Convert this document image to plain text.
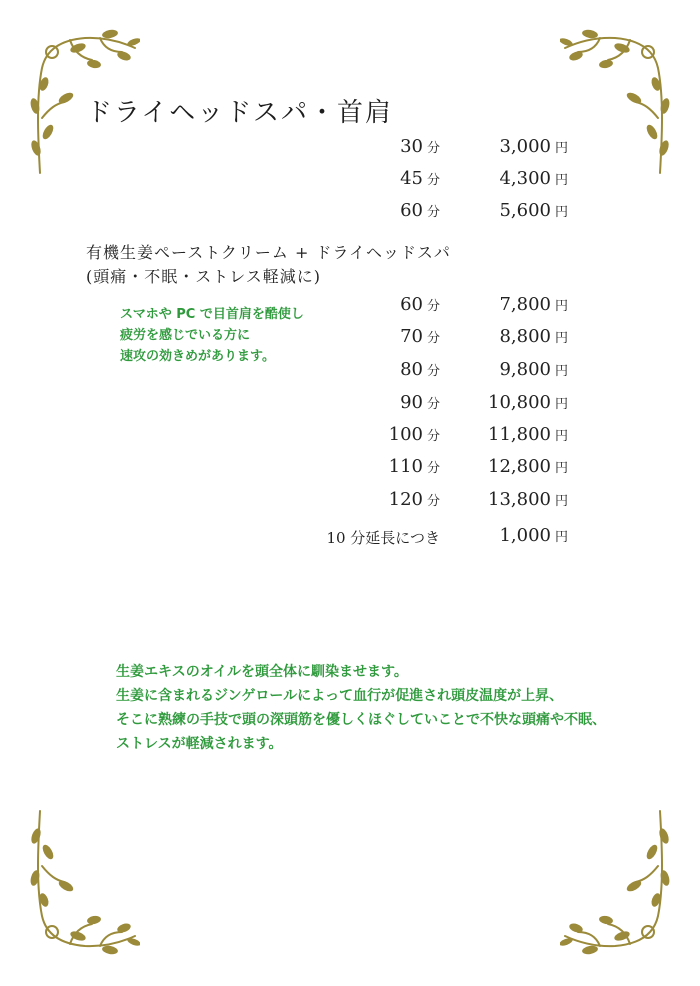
ドライヘッドスパ・首肩
30 分	3,000 円
45 分	4,300 円
60 分	5,600 円
有機生姜ペーストクリーム + ドライヘッドスパ
(頭痛・不眠・ストレス軽減に)
スマホや PC で目首肩を酷使し
疲労を感じでいる方に
速攻の効きめがあります。
60 分	7,800 円
70 分	8,800 円
80 分	9,800 円
90 分	10,800 円
100 分	11,800 円
110 分	12,800 円
120 分	13,800 円
10 分延長につき	1,000 円
生姜エキスのオイルを頭全体に馴染ませます。
生姜に含まれるジンゲロールによって血行が促進され頭皮温度が上昇、
そこに熟練の手技で頭の深頭筋を優しくほぐしていことで不快な頭痛や不眠、
ストレスが軽減されます。
